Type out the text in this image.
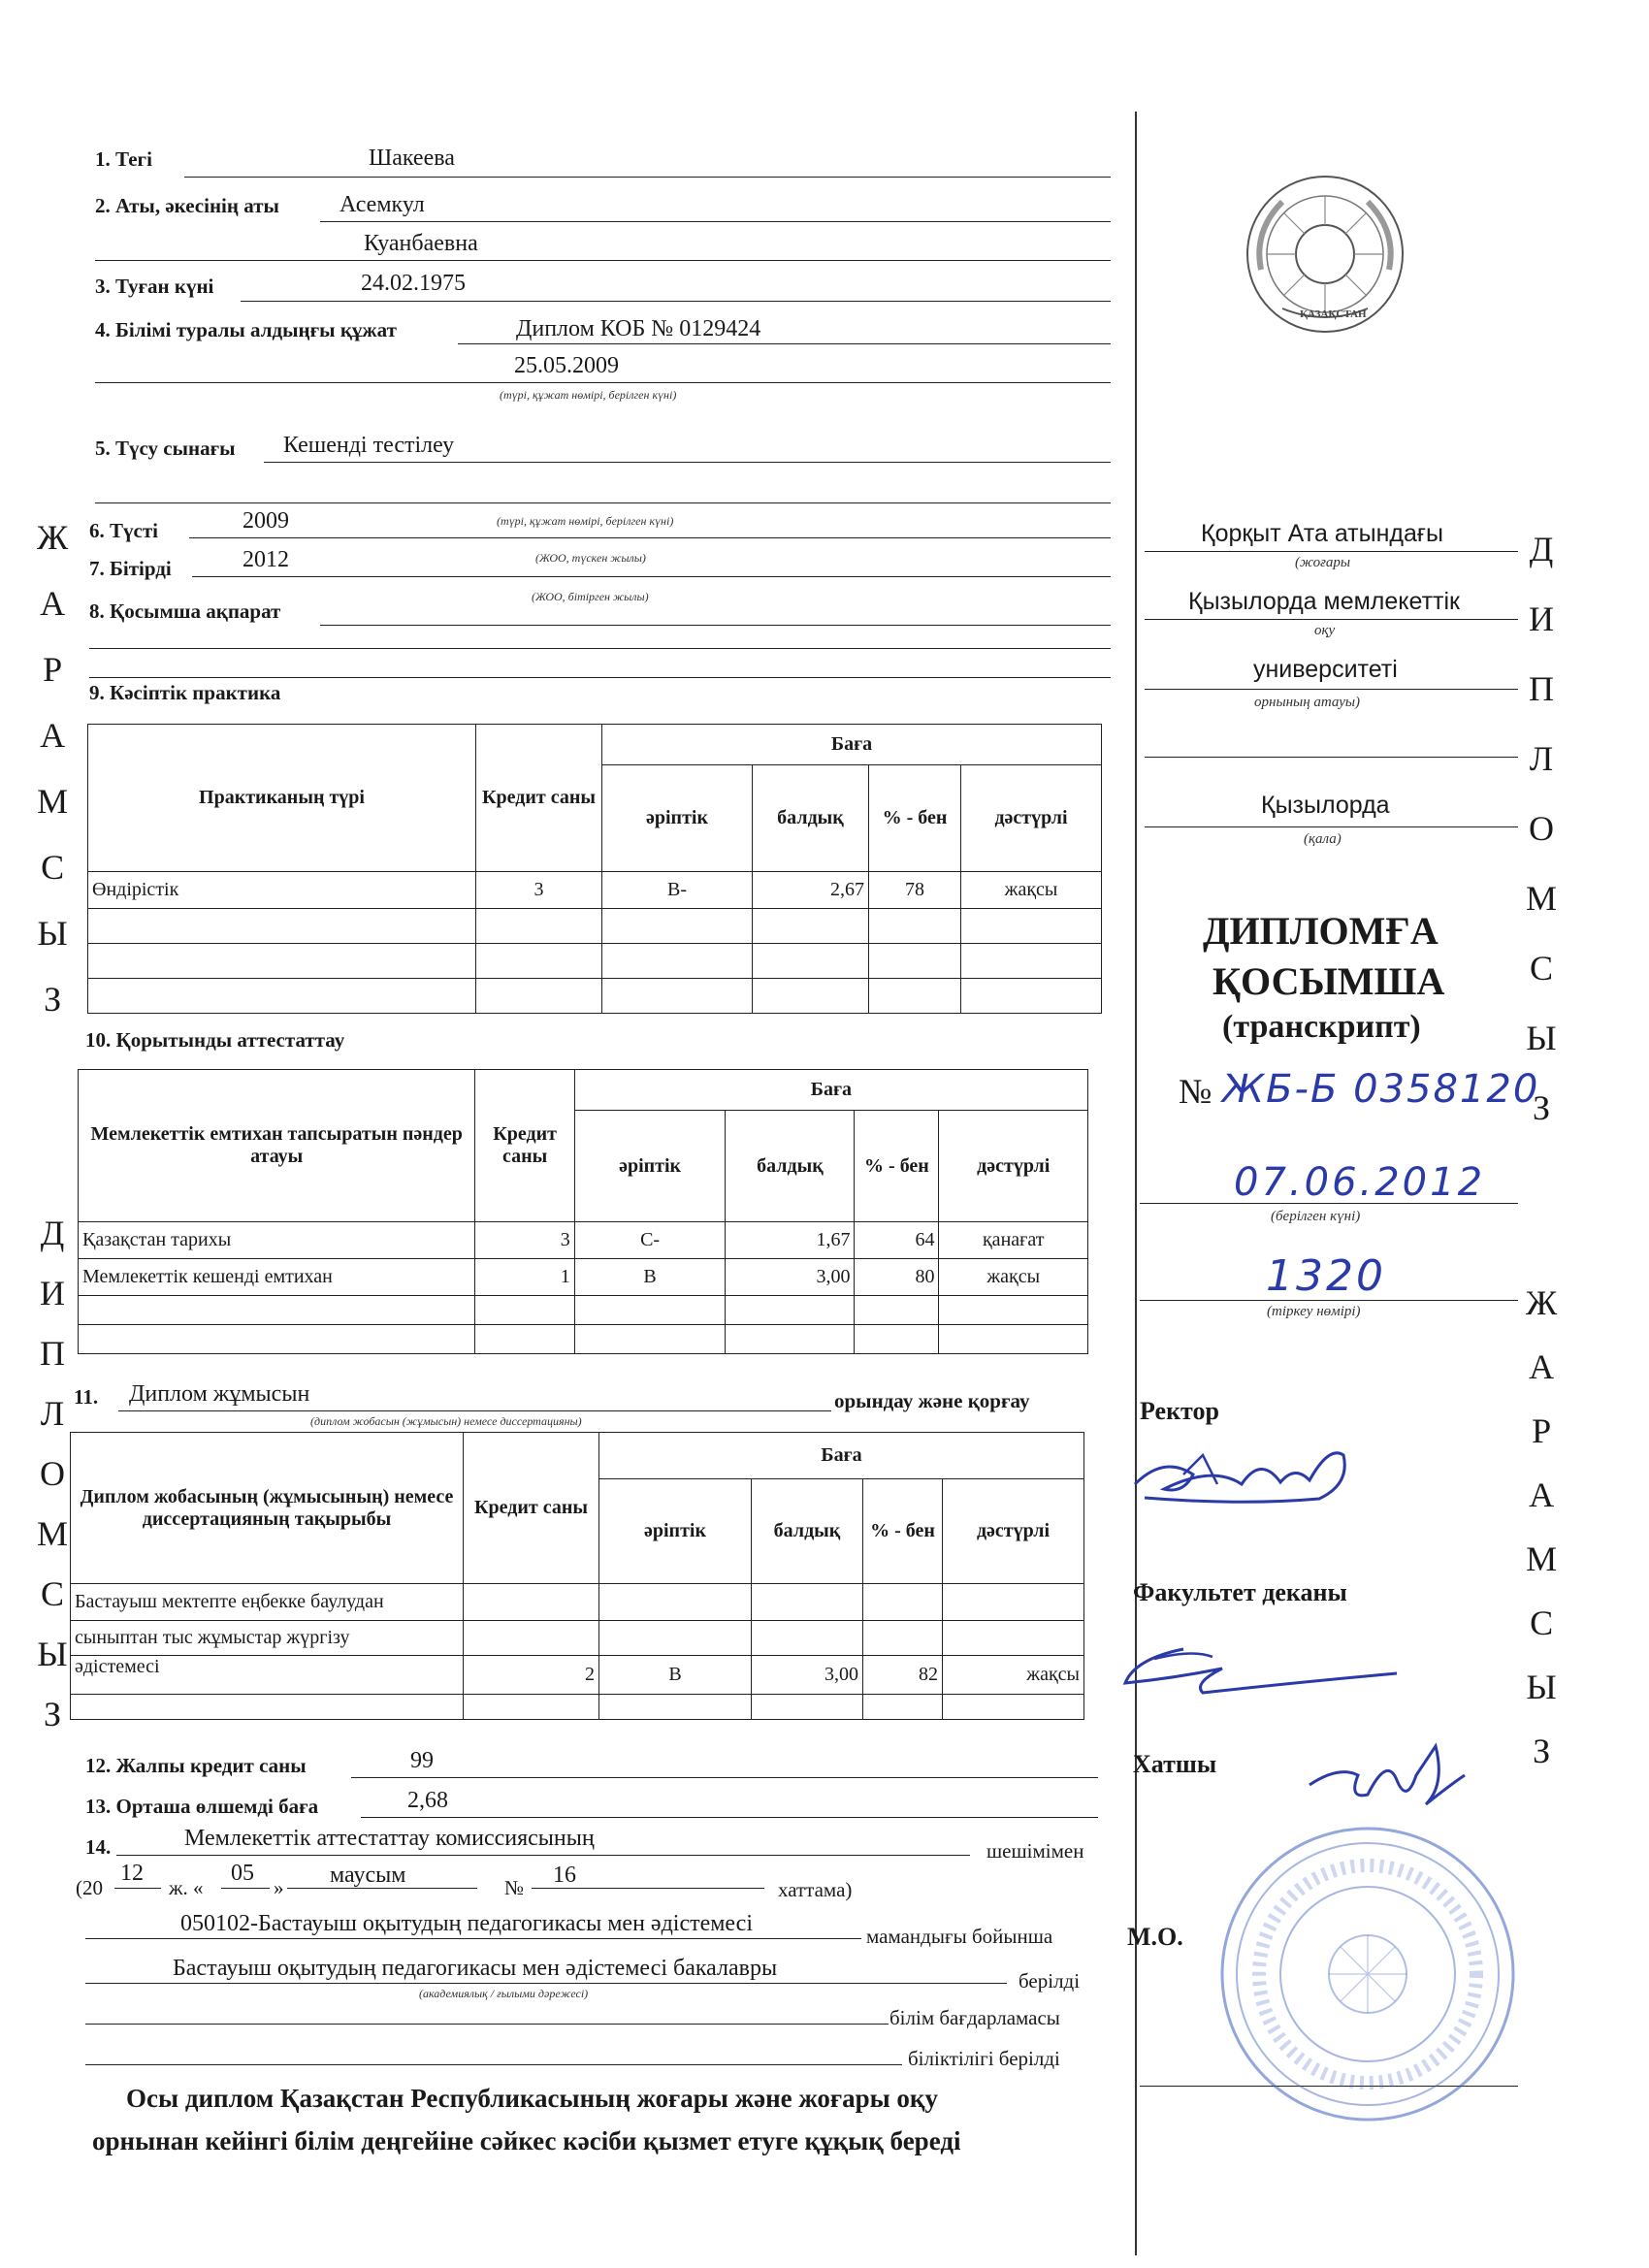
Ж
А
Р
А
М
С
Ы
З
Д
И
П
Л
О
М
С
Ы
З
Д
И
П
Л
О
М
С
Ы
З
Ж
А
Р
А
М
С
Ы
З
1. Тегі	Шакеева
2. Аты, әкесінің аты	Асемкул
Куанбаевна
3. Туған күні	24.02.1975
4. Білімі туралы алдыңғы құжат	Диплом КОБ № 0129424
25.05.2009
(түрі, құжат нөмірі, берілген күні)
5. Түсу сынағы Кешенді тестілеу
(түрі, құжат нөмірі, берілген күні)
6. Түсті	2009
(ЖОО, түскен жылы)
7. Бітірді	2012
(ЖОО, бітірген жылы)
8. Қосымша ақпарат
9. Кәсіптік практика
Практиканың түрі	Кредит саны	Баға			
		әріптік	балдық	% - бен	дәстүрлі
Өндірістік	3	B-	2,67	78	жақсы

10. Қорытынды аттестаттау
Мемлекеттік емтихан тапсыратын пәндер атауы	Кредит саны	Баға			
		әріптік	балдық	% - бен	дәстүрлі
Қазақстан тарихы	3	C-	1,67	64	қанағат
Мемлекеттік кешенді емтихан	1	B	3,00	80	жақсы

11. Диплом жұмысын	орындау және қорғау
(диплом жобасын (жұмысын) немесе диссертацияны)
Диплом жобасының (жұмысының) немесе диссертацияның тақырыбы	Кредит саны	Баға			
		әріптік	балдық	% - бен	дәстүрлі
Бастауыш мектепте еңбекке баулудан					
сыныптан тыс жұмыстар жүргізу					
әдістемесі	2	B	3,00	82	жақсы

12. Жалпы кредит саны	99
13. Орташа өлшемді баға	2,68
14.	Мемлекеттік аттестаттау комиссиясының	шешімімен
(20
12
ж. «
05
» маусым	№ 16
хаттама)
050102-Бастауыш оқытудың педагогикасы мен әдістемесі	мамандығы бойынша
Бастауыш оқытудың педагогикасы мен әдістемесі бакалавры	берілді
(академиялық / ғылыми дәрежесі)
білім бағдарламасы
біліктілігі берілді
Осы диплом Қазақстан Республикасының жоғары және жоғары оқу
орнынан кейінгі білім деңгейіне сәйкес кәсіби қызмет етуге құқық береді
ҚАЗАҚСТАН
Қорқыт Ата атындағы
(жоғары
Қызылорда мемлекеттік
оқу
университеті
орнының атауы)
Қызылорда
(қала)
ДИПЛОМҒА
ҚОСЫМША
(транскрипт)
№ ЖБ-Б 0358120
07.06.2012
(берілген күні)
1320
(тіркеу нөмірі)
Ректор
Факультет деканы
Хатшы
М.О.
